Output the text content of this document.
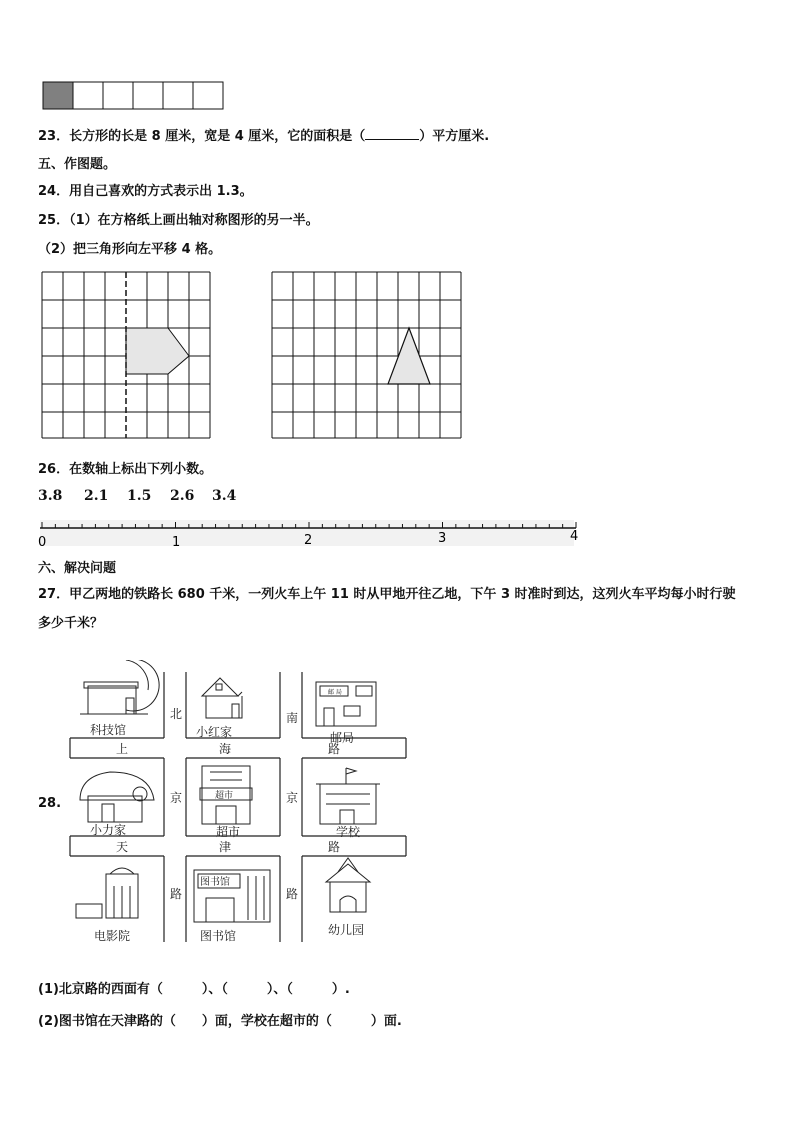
23．长方形的长是 8 厘米，宽是 4 厘米，它的面积是（	）平方厘米.
五、作图题。
24．用自己喜欢的方式表示出 1.3。
25．（1）在方格纸上画出轴对称图形的另一半。
（2）把三角形向左平移 4 格。
26．在数轴上标出下列小数。
3.8 2.1 1.5 2.6 3.4
0	1	2	3	4
六、解决问题
27．甲乙两地的铁路长 680 千米，一列火车上午 11 时从甲地开往乙地，下午 3 时准时到达，这列火车平均每小时行驶
多少千米？
28.
北
京
路
南
京
路
上	海	路
天	津	路
科技馆	小红家
邮 局
邮局
小力家
超市
超市	学校
电影院
图书馆
图书馆	幼儿园
(1)北京路的西面有（　　　）、（　　　）、（　　　）.
(2)图书馆在天津路的（　　）面，学校在超市的（　　　）面.
